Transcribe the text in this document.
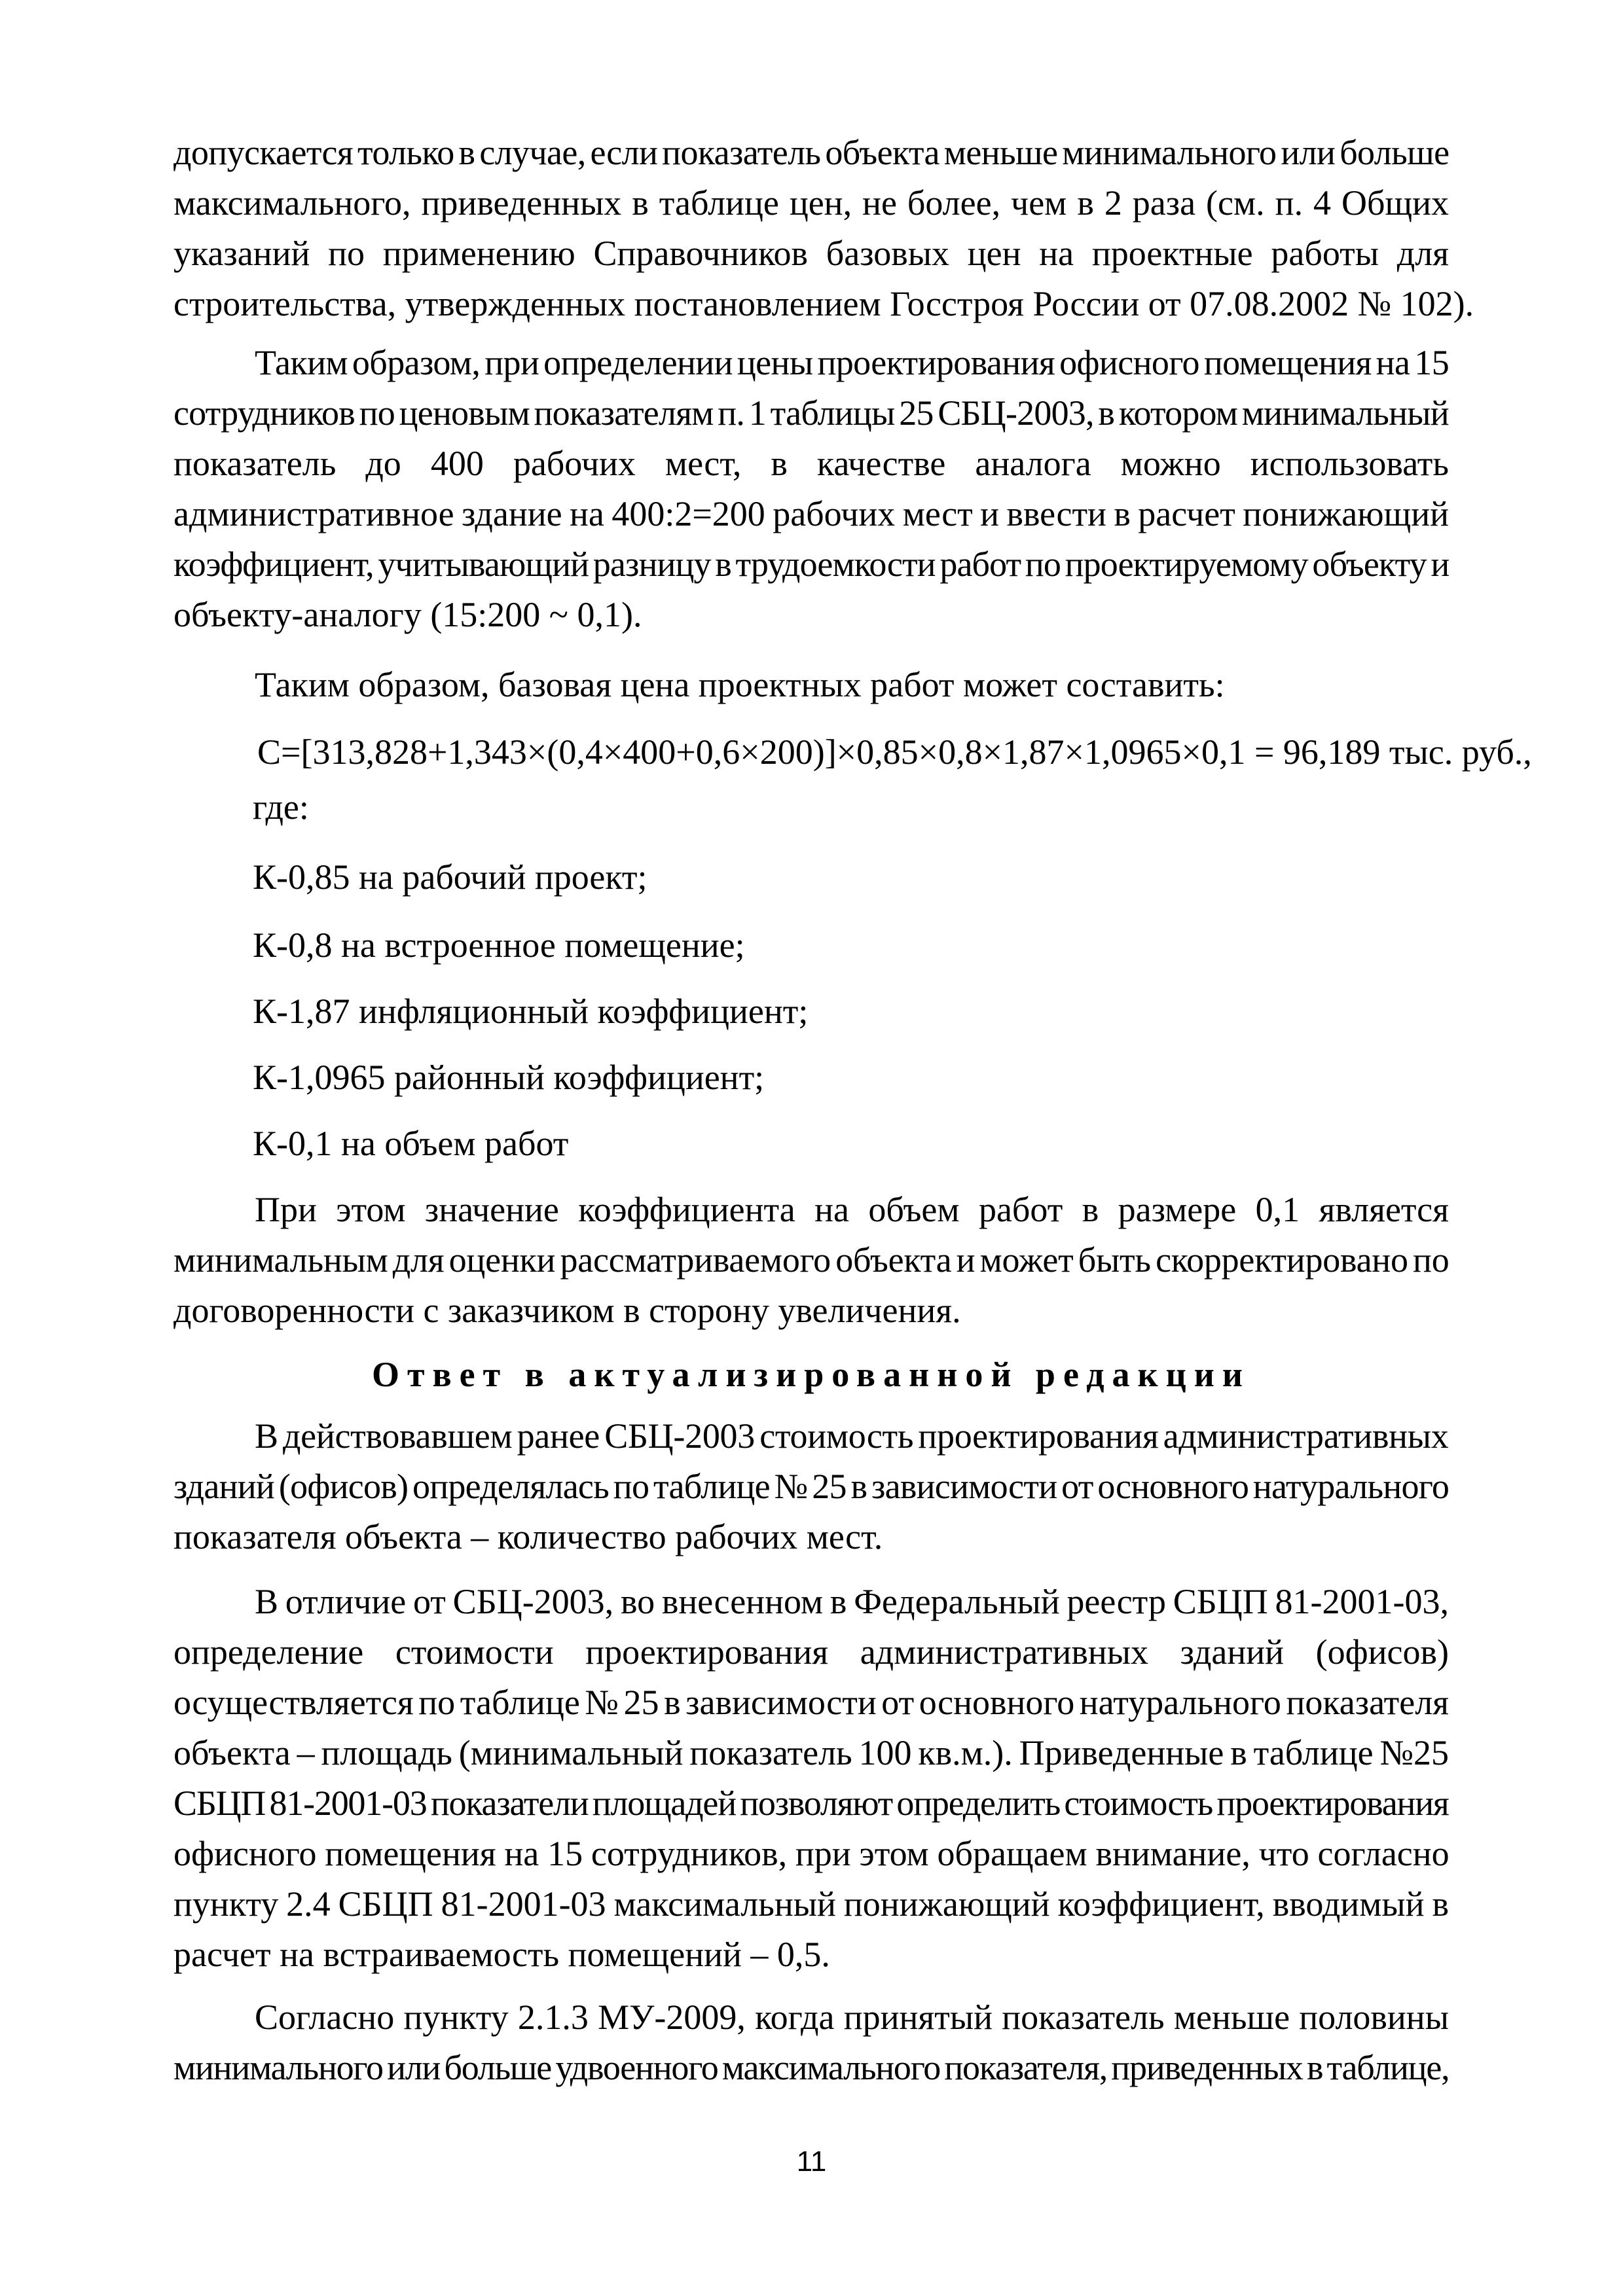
Ответ в актуализированной редакции
11
допускается только в случае, если показатель объекта меньше минимального или больше
максимального, приведенных в таблице цен, не более, чем в 2 раза (см. п. 4 Общих
указаний по применению Справочников базовых цен на проектные работы для
строительства, утвержденных постановлением Госстроя России от 07.08.2002 № 102).
Таким образом, при определении цены проектирования офисного помещения на 15
сотрудников по ценовым показателям п. 1 таблицы 25 СБЦ-2003, в котором минимальный
показатель до 400 рабочих мест, в качестве аналога можно использовать
административное здание на 400:2=200 рабочих мест и ввести в расчет понижающий
коэффициент, учитывающий разницу в трудоемкости работ по проектируемому объекту и
объекту-аналогу (15:200 ~ 0,1).
Таким образом, базовая цена проектных работ может составить:
С=[313,828+1,343×(0,4×400+0,6×200)]×0,85×0,8×1,87×1,0965×0,1 = 96,189 тыс. руб.,
где:
К-0,85 на рабочий проект;
К-0,8 на встроенное помещение;
К-1,87 инфляционный коэффициент;
К-1,0965 районный коэффициент;
К-0,1 на объем работ
При этом значение коэффициента на объем работ в размере 0,1 является
минимальным для оценки рассматриваемого объекта и может быть скорректировано по
договоренности с заказчиком в сторону увеличения.
В действовавшем ранее СБЦ-2003 стоимость проектирования административных
зданий (офисов) определялась по таблице № 25 в зависимости от основного натурального
показателя объекта – количество рабочих мест.
В отличие от СБЦ-2003, во внесенном в Федеральный реестр СБЦП 81-2001-03,
определение стоимости проектирования административных зданий (офисов)
осуществляется по таблице № 25 в зависимости от основного натурального показателя
объекта – площадь (минимальный показатель 100 кв.м.). Приведенные в таблице №25
СБЦП 81-2001-03 показатели площадей позволяют определить стоимость проектирования
офисного помещения на 15 сотрудников, при этом обращаем внимание, что согласно
пункту 2.4 СБЦП 81-2001-03 максимальный понижающий коэффициент, вводимый в
расчет на встраиваемость помещений – 0,5.
Согласно пункту 2.1.3 МУ-2009, когда принятый показатель меньше половины
минимального или больше удвоенного максимального показателя, приведенных в таблице,
